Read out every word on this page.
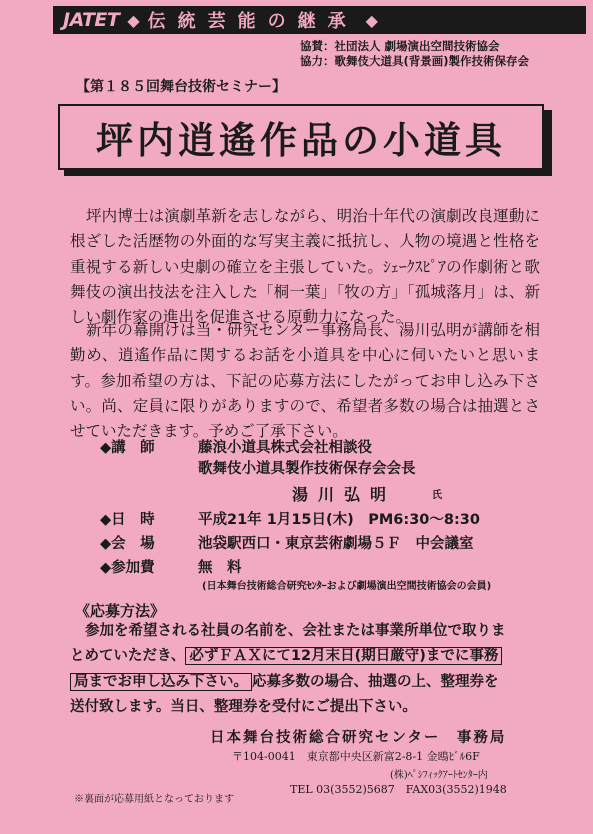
JATET ◆ 伝統芸能の継承 ◆
協賛：社団法人 劇場演出空間技術協会
協力：歌舞伎大道具(背景画)製作技術保存会
【第１８５回舞台技術セミナー】
坪内逍遙作品の小道具
坪内博士は演劇革新を志しながら、明治十年代の演劇改良運動に根ざした活歴物の外面的な写実主義に抵抗し、人物の境遇と性格を重視する新しい史劇の確立を主張していた。ｼｪｰｸｽﾋﾟｱの作劇術と歌舞伎の演出技法を注入した「桐一葉」「牧の方」「孤城落月」は、新しい劇作家の進出を促進させる原動力になった。
新年の幕開けは当・研究センター事務局長、湯川弘明が講師を相勤め、逍遙作品に関するお話を小道具を中心に伺いたいと思います。参加希望の方は、下記の応募方法にしたがってお申し込み下さい。尚、定員に限りがありますので、希望者多数の場合は抽選とさせていただきます。予めご了承下さい。
◆講　師	藤浪小道具株式会社相談役
歌舞伎小道具製作技術保存会会長
湯川弘明	氏
◆日　時	平成21年 1月15日(木)　PM6:30～8:30
◆会　場	池袋駅西口・東京芸術劇場５Ｆ　中会議室
◆参加費	無　料
(日本舞台技術総合研究ｾﾝﾀｰおよび劇場演出空間技術協会の会員)
《応募方法》
参加を希望される社員の名前を、会社または事業所単位で取りま
とめていただき、 必ずＦＡＸにて12月末日(期日厳守)までに事務
局までお申し込み下さい。 応募多数の場合、抽選の上、整理券を
送付致します。当日、整理券を受付にご提出下さい。
日本舞台技術総合研究センター　事務局
〒104-0041　東京都中央区新富2-8-1 金鴎ﾋﾞﾙ6F
(株)ﾍﾟｼﾌｨｯｸｱｰﾄｾﾝﾀｰ内
TEL 03(3552)5687　FAX03(3552)1948
※裏面が応募用紙となっております
